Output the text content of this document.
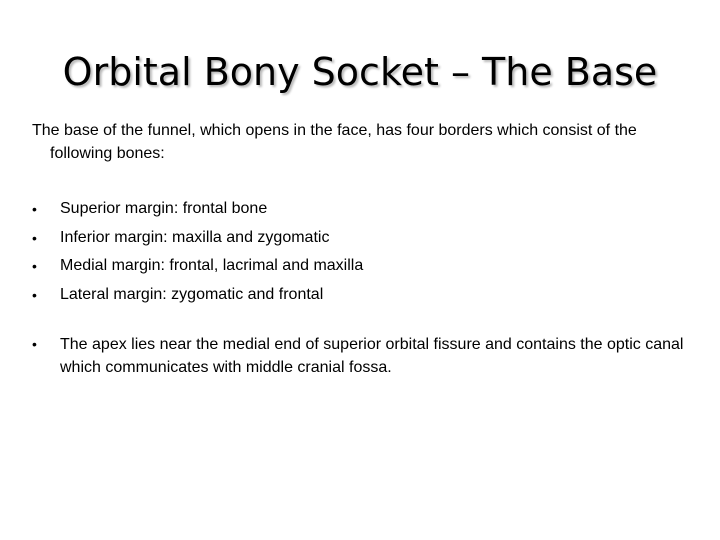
Orbital Bony Socket – The Base

The base of the funnel, which opens in the face, has four borders which consist of the following bones:

•	Superior margin: frontal bone
•	Inferior margin: maxilla and zygomatic
•	Medial margin: frontal, lacrimal and maxilla
•	Lateral margin: zygomatic and frontal
•	The apex lies near the medial end of superior orbital fissure and contains the optic canal which communicates with middle cranial fossa.
